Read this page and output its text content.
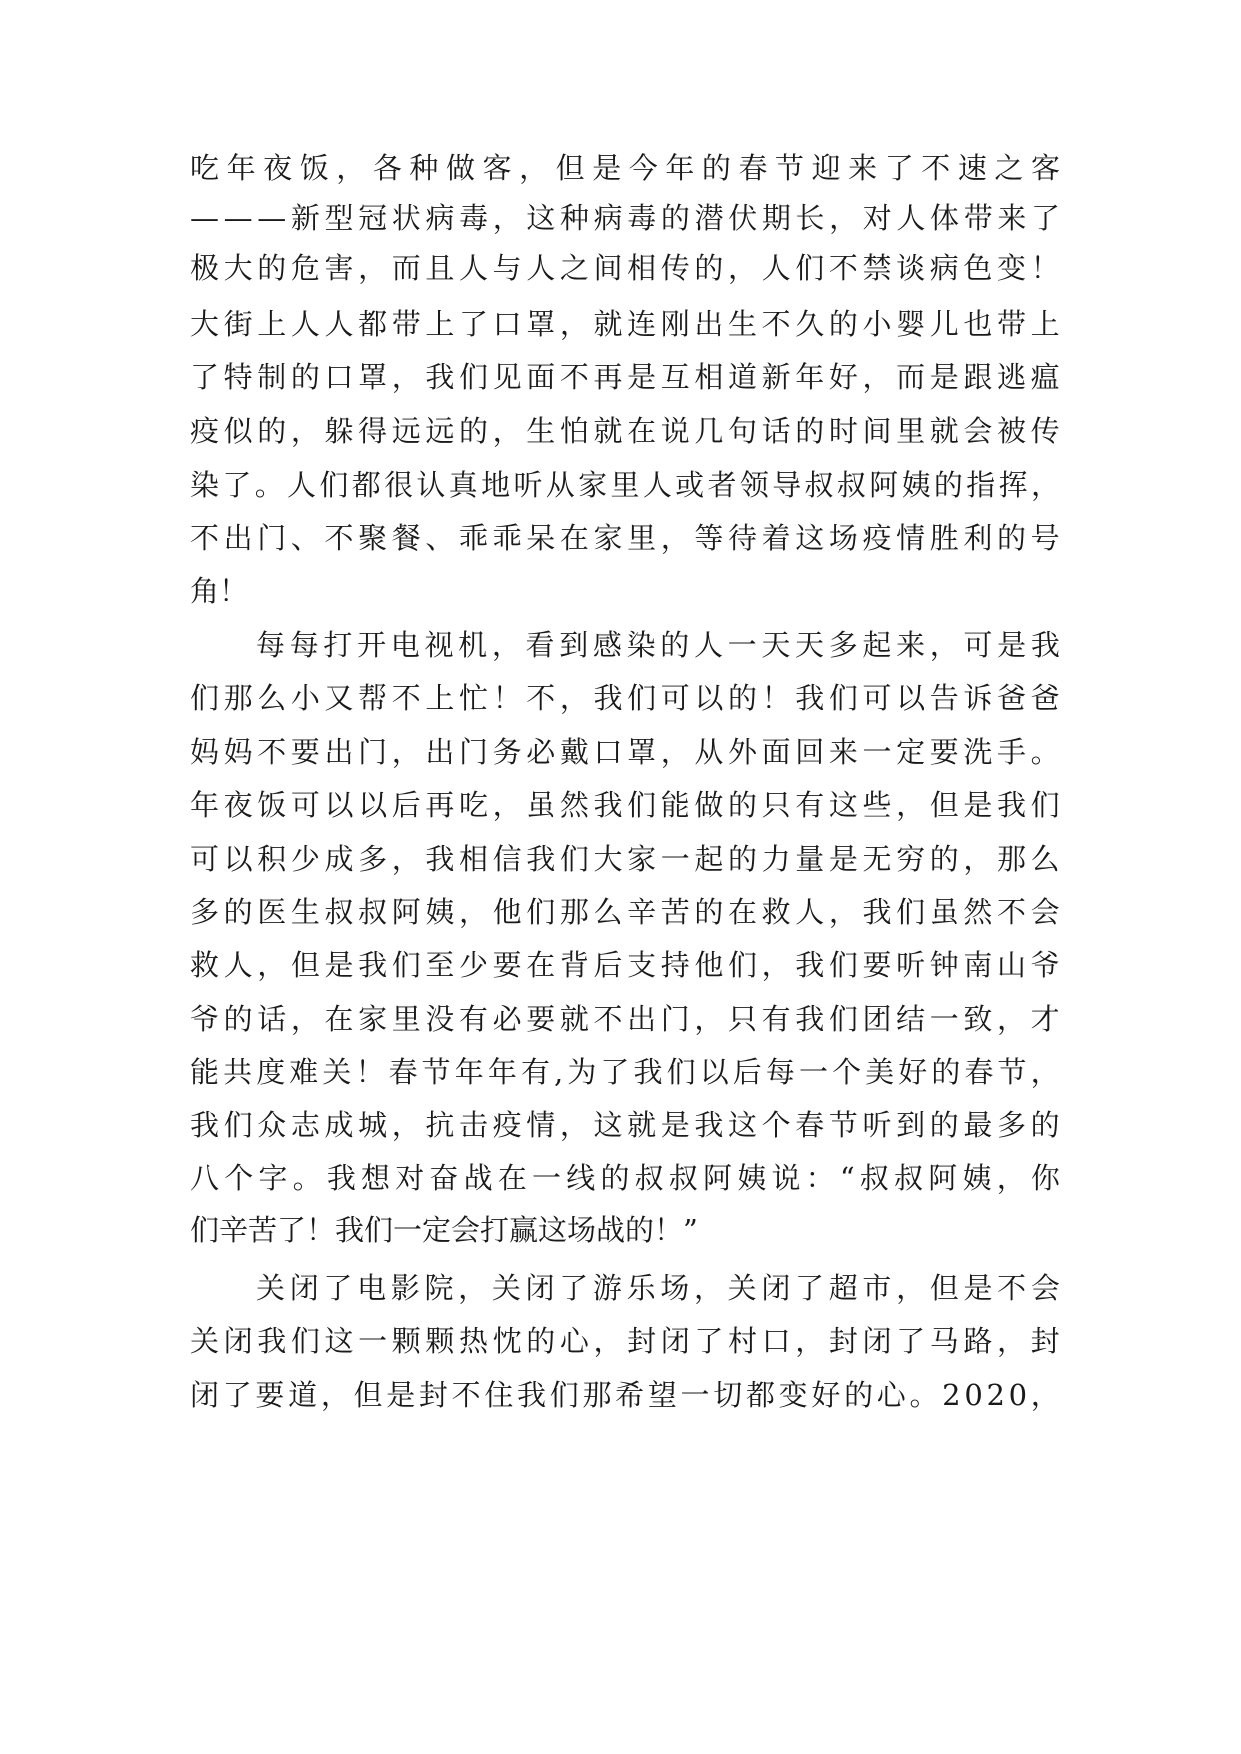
吃 年 夜 饭 ， 各 种 做 客 ， 但 是 今 年 的 春 节 迎 来 了 不 速 之 客
— — — 新 型 冠 状 病 毒 ， 这 种 病 毒 的 潜 伏 期 长 ， 对 人 体 带 来 了
极 大 的 危 害 ， 而 且 人 与 人 之 间 相 传 的 ， 人 们 不 禁 谈 病 色 变 ！
大 街 上 人 人 都 带 上 了 口 罩 ， 就 连 刚 出 生 不 久 的 小 婴 儿 也 带 上
了 特 制 的 口 罩 ， 我 们 见 面 不 再 是 互 相 道 新 年 好 ， 而 是 跟 逃 瘟
疫 似 的 ， 躲 得 远 远 的 ， 生 怕 就 在 说 几 句 话 的 时 间 里 就 会 被 传
染 了 。 人 们 都 很 认 真 地 听 从 家 里 人 或 者 领 导 叔 叔 阿 姨 的 指 挥 ，
不 出 门 、 不 聚 餐 、 乖 乖 呆 在 家 里 ， 等 待 着 这 场 疫 情 胜 利 的 号
角！
每 每 打 开 电 视 机 ， 看 到 感 染 的 人 一 天 天 多 起 来 ， 可 是 我
们 那 么 小 又 帮 不 上 忙 ！ 不 ， 我 们 可 以 的 ！ 我 们 可 以 告 诉 爸 爸
妈 妈 不 要 出 门 ， 出 门 务 必 戴 口 罩 ， 从 外 面 回 来 一 定 要 洗 手 。
年 夜 饭 可 以 以 后 再 吃 ， 虽 然 我 们 能 做 的 只 有 这 些 ， 但 是 我 们
可 以 积 少 成 多 ， 我 相 信 我 们 大 家 一 起 的 力 量 是 无 穷 的 ， 那 么
多 的 医 生 叔 叔 阿 姨 ， 他 们 那 么 辛 苦 的 在 救 人 ， 我 们 虽 然 不 会
救 人 ， 但 是 我 们 至 少 要 在 背 后 支 持 他 们 ， 我 们 要 听 钟 南 山 爷
爷 的 话 ， 在 家 里 没 有 必 要 就 不 出 门 ， 只 有 我 们 团 结 一 致 ， 才
能 共 度 难 关 ！ 春 节 年 年 有 , 为 了 我 们 以 后 每 一 个 美 好 的 春 节 ，
我 们 众 志 成 城 ， 抗 击 疫 情 ， 这 就 是 我 这 个 春 节 听 到 的 最 多 的
八 个 字 。 我 想 对 奋 战 在 一 线 的 叔 叔 阿 姨 说 ： “ 叔 叔 阿 姨 ， 你
们辛苦了！我们一定会打赢这场战的！”
关 闭 了 电 影 院 ， 关 闭 了 游 乐 场 ， 关 闭 了 超 市 ， 但 是 不 会
关 闭 我 们 这 一 颗 颗 热 忱 的 心 ， 封 闭 了 村 口 ， 封 闭 了 马 路 ， 封
闭 了 要 道 ， 但 是 封 不 住 我 们 那 希 望 一 切 都 变 好 的 心 。 2 0 2 0 ，
